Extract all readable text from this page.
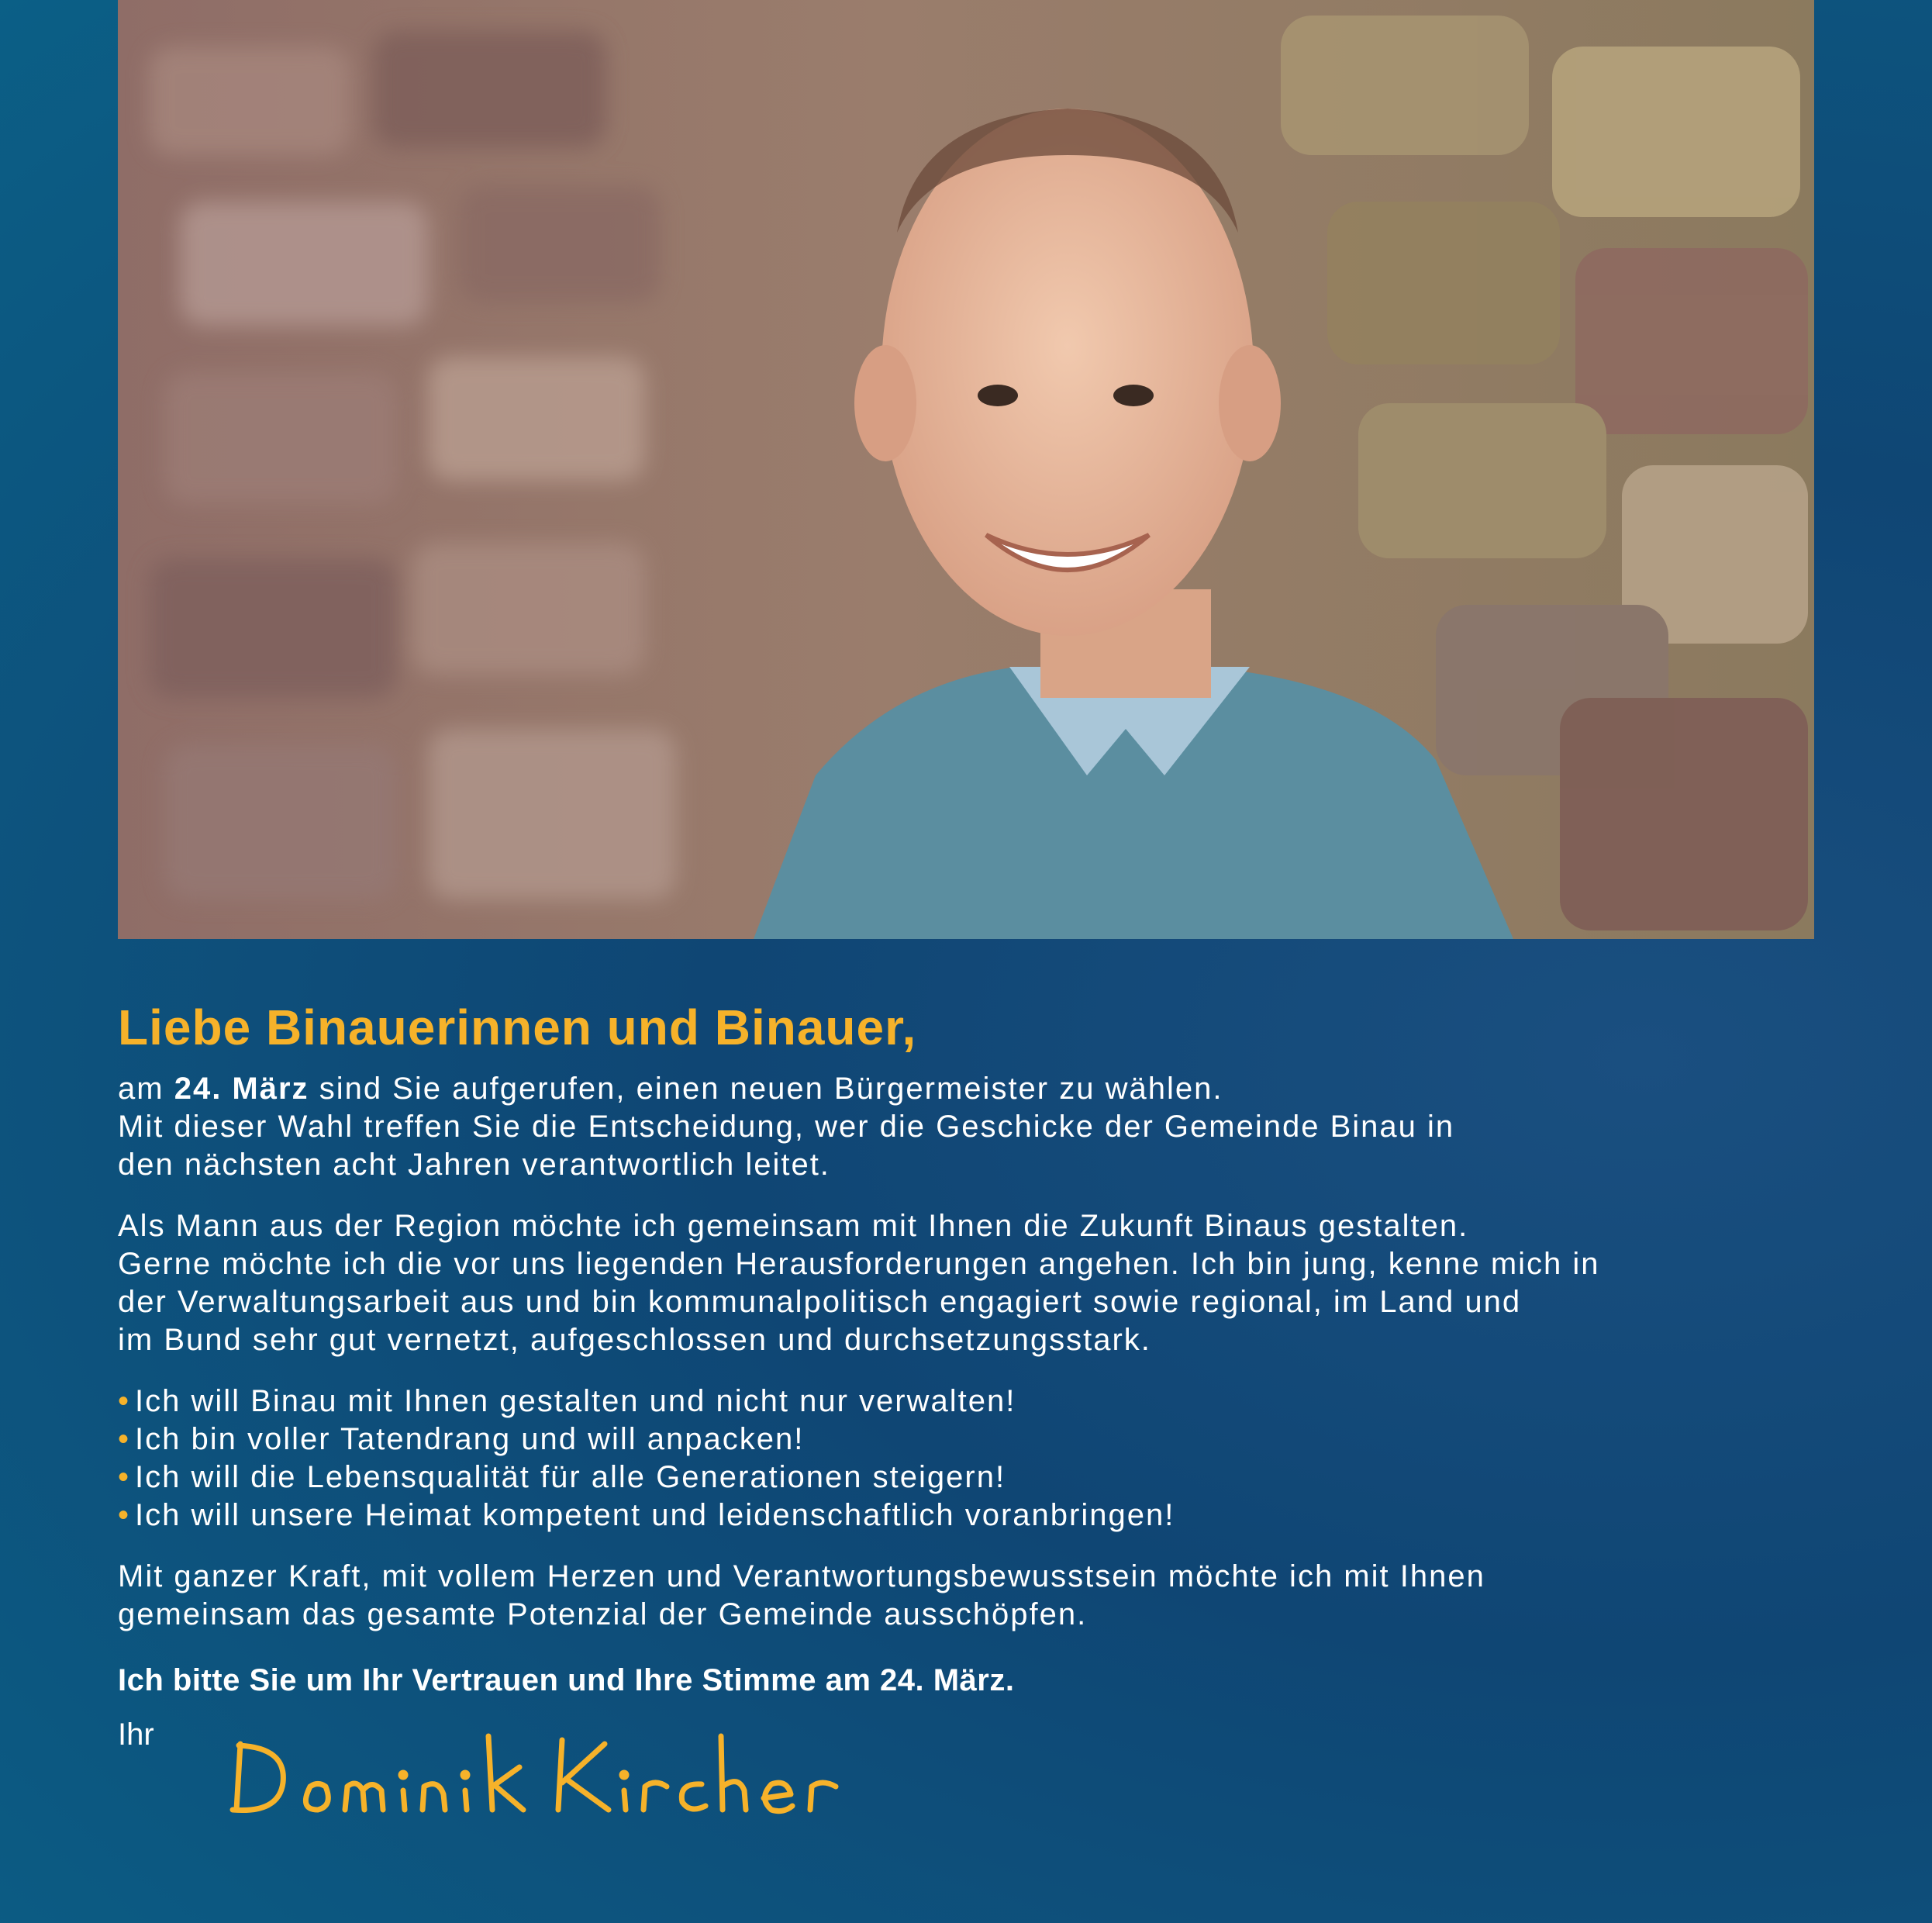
Liebe Binauerinnen und Binauer,

am 24. März sind Sie aufgerufen, einen neuen Bürgermeister zu wählen.
Mit dieser Wahl treffen Sie die Entscheidung, wer die Geschicke der Gemeinde Binau in
den nächsten acht Jahren verantwortlich leitet.

Als Mann aus der Region möchte ich gemeinsam mit Ihnen die Zukunft Binaus gestalten.
Gerne möchte ich die vor uns liegenden Herausforderungen angehen. Ich bin jung, kenne mich in
der Verwaltungsarbeit aus und bin kommunalpolitisch engagiert sowie regional, im Land und
im Bund sehr gut vernetzt, aufgeschlossen und durchsetzungsstark.

• Ich will Binau mit Ihnen gestalten und nicht nur verwalten!
• Ich bin voller Tatendrang und will anpacken!
• Ich will die Lebensqualität für alle Generationen steigern!
• Ich will unsere Heimat kompetent und leidenschaftlich voranbringen!

Mit ganzer Kraft, mit vollem Herzen und Verantwortungsbewusstsein möchte ich mit Ihnen
gemeinsam das gesamte Potenzial der Gemeinde ausschöpfen.

Ich bitte Sie um Ihr Vertrauen und Ihre Stimme am 24. März.

Ihr
